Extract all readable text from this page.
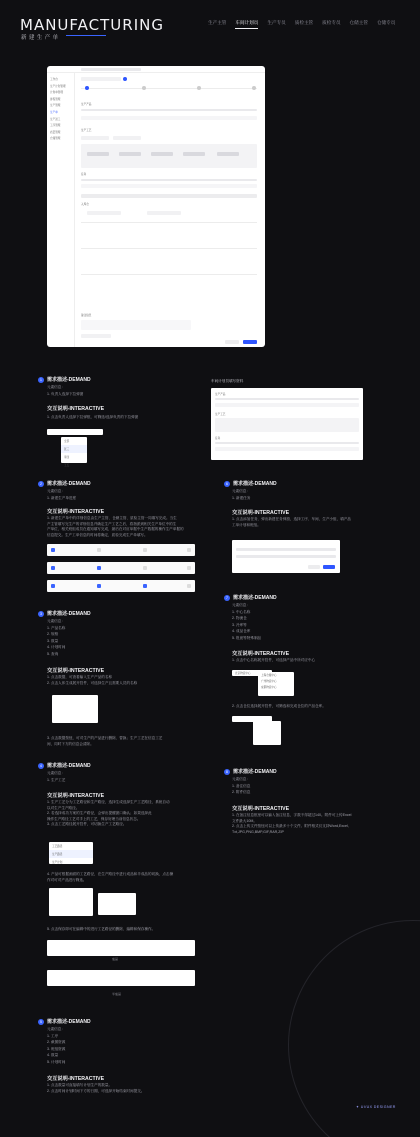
MANUFACTURING
新建生产单
生产主管 车间计划员 生产专员 质检主管 质检专员 仓储主管 仓储专员
工作台
生产计划管理
计划单管理
排程管理
生产管理
生产单
生产派工
工序管理
质量管理
仓储管理
生产产品
生产工艺
任务
入库仓
备注信息
车间计划员填写资料
生产产品
生产工艺
任务
1	需求描述-DEMAND
元素信息：
1. 负责人选择下拉弹窗
交互说明-INTERACTIVE
1. 点击负责人选择下拉弹框，可筛选/选择负责的下拉弹窗
全部
张三
李四
王五
2	需求描述-DEMAND
元素信息：
1. 新建生产单进度
交互说明-INTERACTIVE
1. 新建生产单中的详细信息由生产主管、仓储主管、质检主管一同填写完成。当生
产主管填写完生产的详细信息并确定生产工艺之后，将指派到相关生产单位中的生
产单位，相关班组成员在通知填写完成，最后在对应单据中生产数据的操作生产单据的
信息提交。生产工单信息的时间将确定，质检完成生产单填写。
3	需求描述-DEMAND
元素信息：
1. 产品名称
2. 规格
3. 数量
4. 计划时间
5. 查询
交互说明-INTERACTIVE
1. 点击数据，可查看输入生产产品的名称
2. 点击人体生成展开控件，可选择生产且需要人员的名称
3. 点击数据按钮，可对生产的产品进行删除、替换；生产工艺在信息工艺
间，同时下方的信息会清除。
4	需求描述-DEMAND
元素信息：
1. 生产工艺
交互说明-INTERACTIVE
1. 生产工艺分为工艺路径和生产路径，选择生成选择生产工艺路径，系统自动
以对生产生产路径。
2. 若选择成功方案的生产路径，会弹出提醒窗口确认；如果选择此
操作生产路径工艺对手上的工艺，保存好理当前信息状态。
3. 点击工艺路径展开控件，可切换生产工艺路径。
工艺路径
生产路径
生产计划
4. 产品可根据画面的工艺路径，在生产路径中进行成品和半成品的切换，点击操
作对可对产品进行筛选。
5. 点击保存即可在编辑中的进行工艺路径的删除、编辑和保存操作。
成品
半成品
5	需求描述-DEMAND
元素信息：
1. 工序
2. 截图资源
3. 班组资源
4. 数量
5. 计划时间
交互说明-INTERACTIVE
1. 点击数量可直接填写计划生产的数量。
2. 点击时间计划时间下方的日期，可选择开始结束时间提交。
6	需求描述-DEMAND
元素信息：
1. 新建任务
交互说明-INTERACTIVE
1. 点击添加任务，弹出新建任务弹窗，选择工序、车间，生产小组，填产品
工单计划和班组。
7	需求描述-DEMAND
元素信息：
1. 中心名称
2. 物流仓
3. 冷库等
4. 成品仓库
5. 报废等特殊制品
交互说明-INTERACTIVE
1. 点击中心名称展开控件，可选择产品中所对应中心
北京物流中心
上海仓储中心
广州物流中心
成都物流中心
2. 点击仓位选择展开控件，可筛选和完成仓位的产品仓库。
8	需求描述-DEMAND
元素信息：
1. 备注信息
2. 附件信息
交互说明-INTERACTIVE
1. 在备注信息框里可以输入备注信息，字数不得超过140。附件可上传Excel
文件最大10M。
2. 点击上传文件按钮可以上传最多十个文件。附件格式仅支持Word,Excel,
Txt,JPG,PNG,BMP,GIF,RAR,ZIP
✦ UI/UX DESIGNER
